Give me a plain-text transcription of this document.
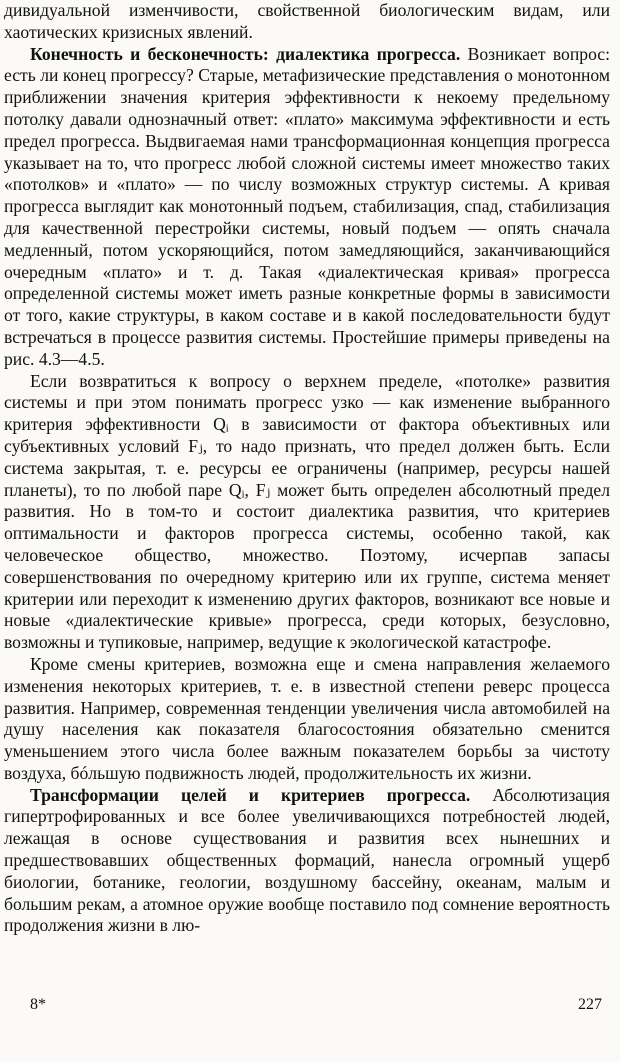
дивидуальной изменчивости, свойственной биологическим видам, или хаотических кризисных явлений.

Конечность и бесконечность: диалектика прогресса. Возникает вопрос: есть ли конец прогрессу? Старые, метафизические представления о монотонном приближении значения критерия эффективности к некоему предельному потолку давали однозначный ответ: «плато» максимума эффективности и есть предел прогресса. Выдвигаемая нами трансформационная концепция прогресса указывает на то, что прогресс любой сложной системы имеет множество таких «потолков» и «плато» — по числу возможных структур системы. А кривая прогресса выглядит как монотонный подъем, стабилизация, спад, стабилизация для качественной перестройки системы, новый подъем — опять сначала медленный, потом ускоряющийся, потом замедляющийся, заканчивающийся очередным «плато» и т. д. Такая «диалектическая кривая» прогресса определенной системы может иметь разные конкретные формы в зависимости от того, какие структуры, в каком составе и в какой последовательности будут встречаться в процессе развития системы. Простейшие примеры приведены на рис. 4.3—4.5.

Если возвратиться к вопросу о верхнем пределе, «потолке» развития системы и при этом понимать прогресс узко — как изменение выбранного критерия эффективности Qᵢ в зависимости от фактора объективных или субъективных условий Fⱼ, то надо признать, что предел должен быть. Если система закрытая, т. е. ресурсы ее ограничены (например, ресурсы нашей планеты), то по любой паре Qᵢ, Fⱼ может быть определен абсолютный предел развития. Но в том-то и состоит диалектика развития, что критериев оптимальности и факторов прогресса системы, особенно такой, как человеческое общество, множество. Поэтому, исчерпав запасы совершенствования по очередному критерию или их группе, система меняет критерии или переходит к изменению других факторов, возникают все новые и новые «диалектические кривые» прогресса, среди которых, безусловно, возможны и тупиковые, например, ведущие к экологической катастрофе.

Кроме смены критериев, возможна еще и смена направления желаемого изменения некоторых критериев, т. е. в известной степени реверс процесса развития. Например, современная тенденции увеличения числа автомобилей на душу населения как показателя благосостояния обязательно сменится уменьшением этого числа более важным показателем борьбы за чистоту воздуха, бóльшую подвижность людей, продолжительность их жизни.

Трансформации целей и критериев прогресса. Абсолютизация гипертрофированных и все более увеличивающихся потребностей людей, лежащая в основе существования и развития всех нынешних и предшествовавших общественных формаций, нанесла огромный ущерб биологии, ботанике, геологии, воздушному бассейну, океанам, малым и большим рекам, а атомное оружие вообще поставило под сомнение вероятность продолжения жизни в лю-

8*	227
